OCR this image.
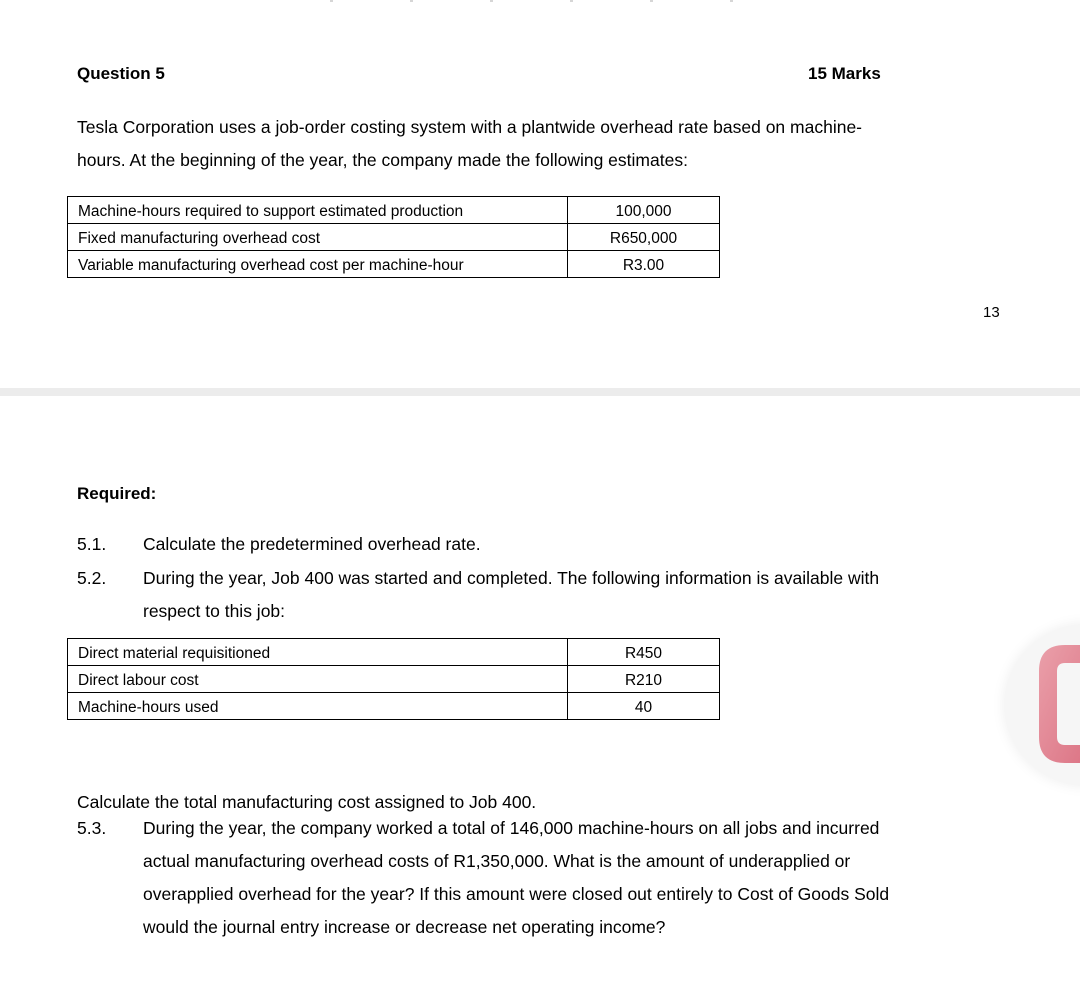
Question 5	15 Marks
Tesla Corporation uses a job-order costing system with a plantwide overhead rate based on machine-
hours. At the beginning of the year, the company made the following estimates:
Machine-hours required to support estimated production	100,000
Fixed manufacturing overhead cost	R650,000
Variable manufacturing overhead cost per machine-hour	R3.00
13
Required:
5.1. Calculate the predetermined overhead rate.
5.2. During the year, Job 400 was started and completed. The following information is available with
respect to this job:
Direct material requisitioned	R450
Direct labour cost	R210
Machine-hours used	40
Calculate the total manufacturing cost assigned to Job 400.
5.3. During the year, the company worked a total of 146,000 machine-hours on all jobs and incurred
actual manufacturing overhead costs of R1,350,000. What is the amount of underapplied or
overapplied overhead for the year? If this amount were closed out entirely to Cost of Goods Sold
would the journal entry increase or decrease net operating income?
